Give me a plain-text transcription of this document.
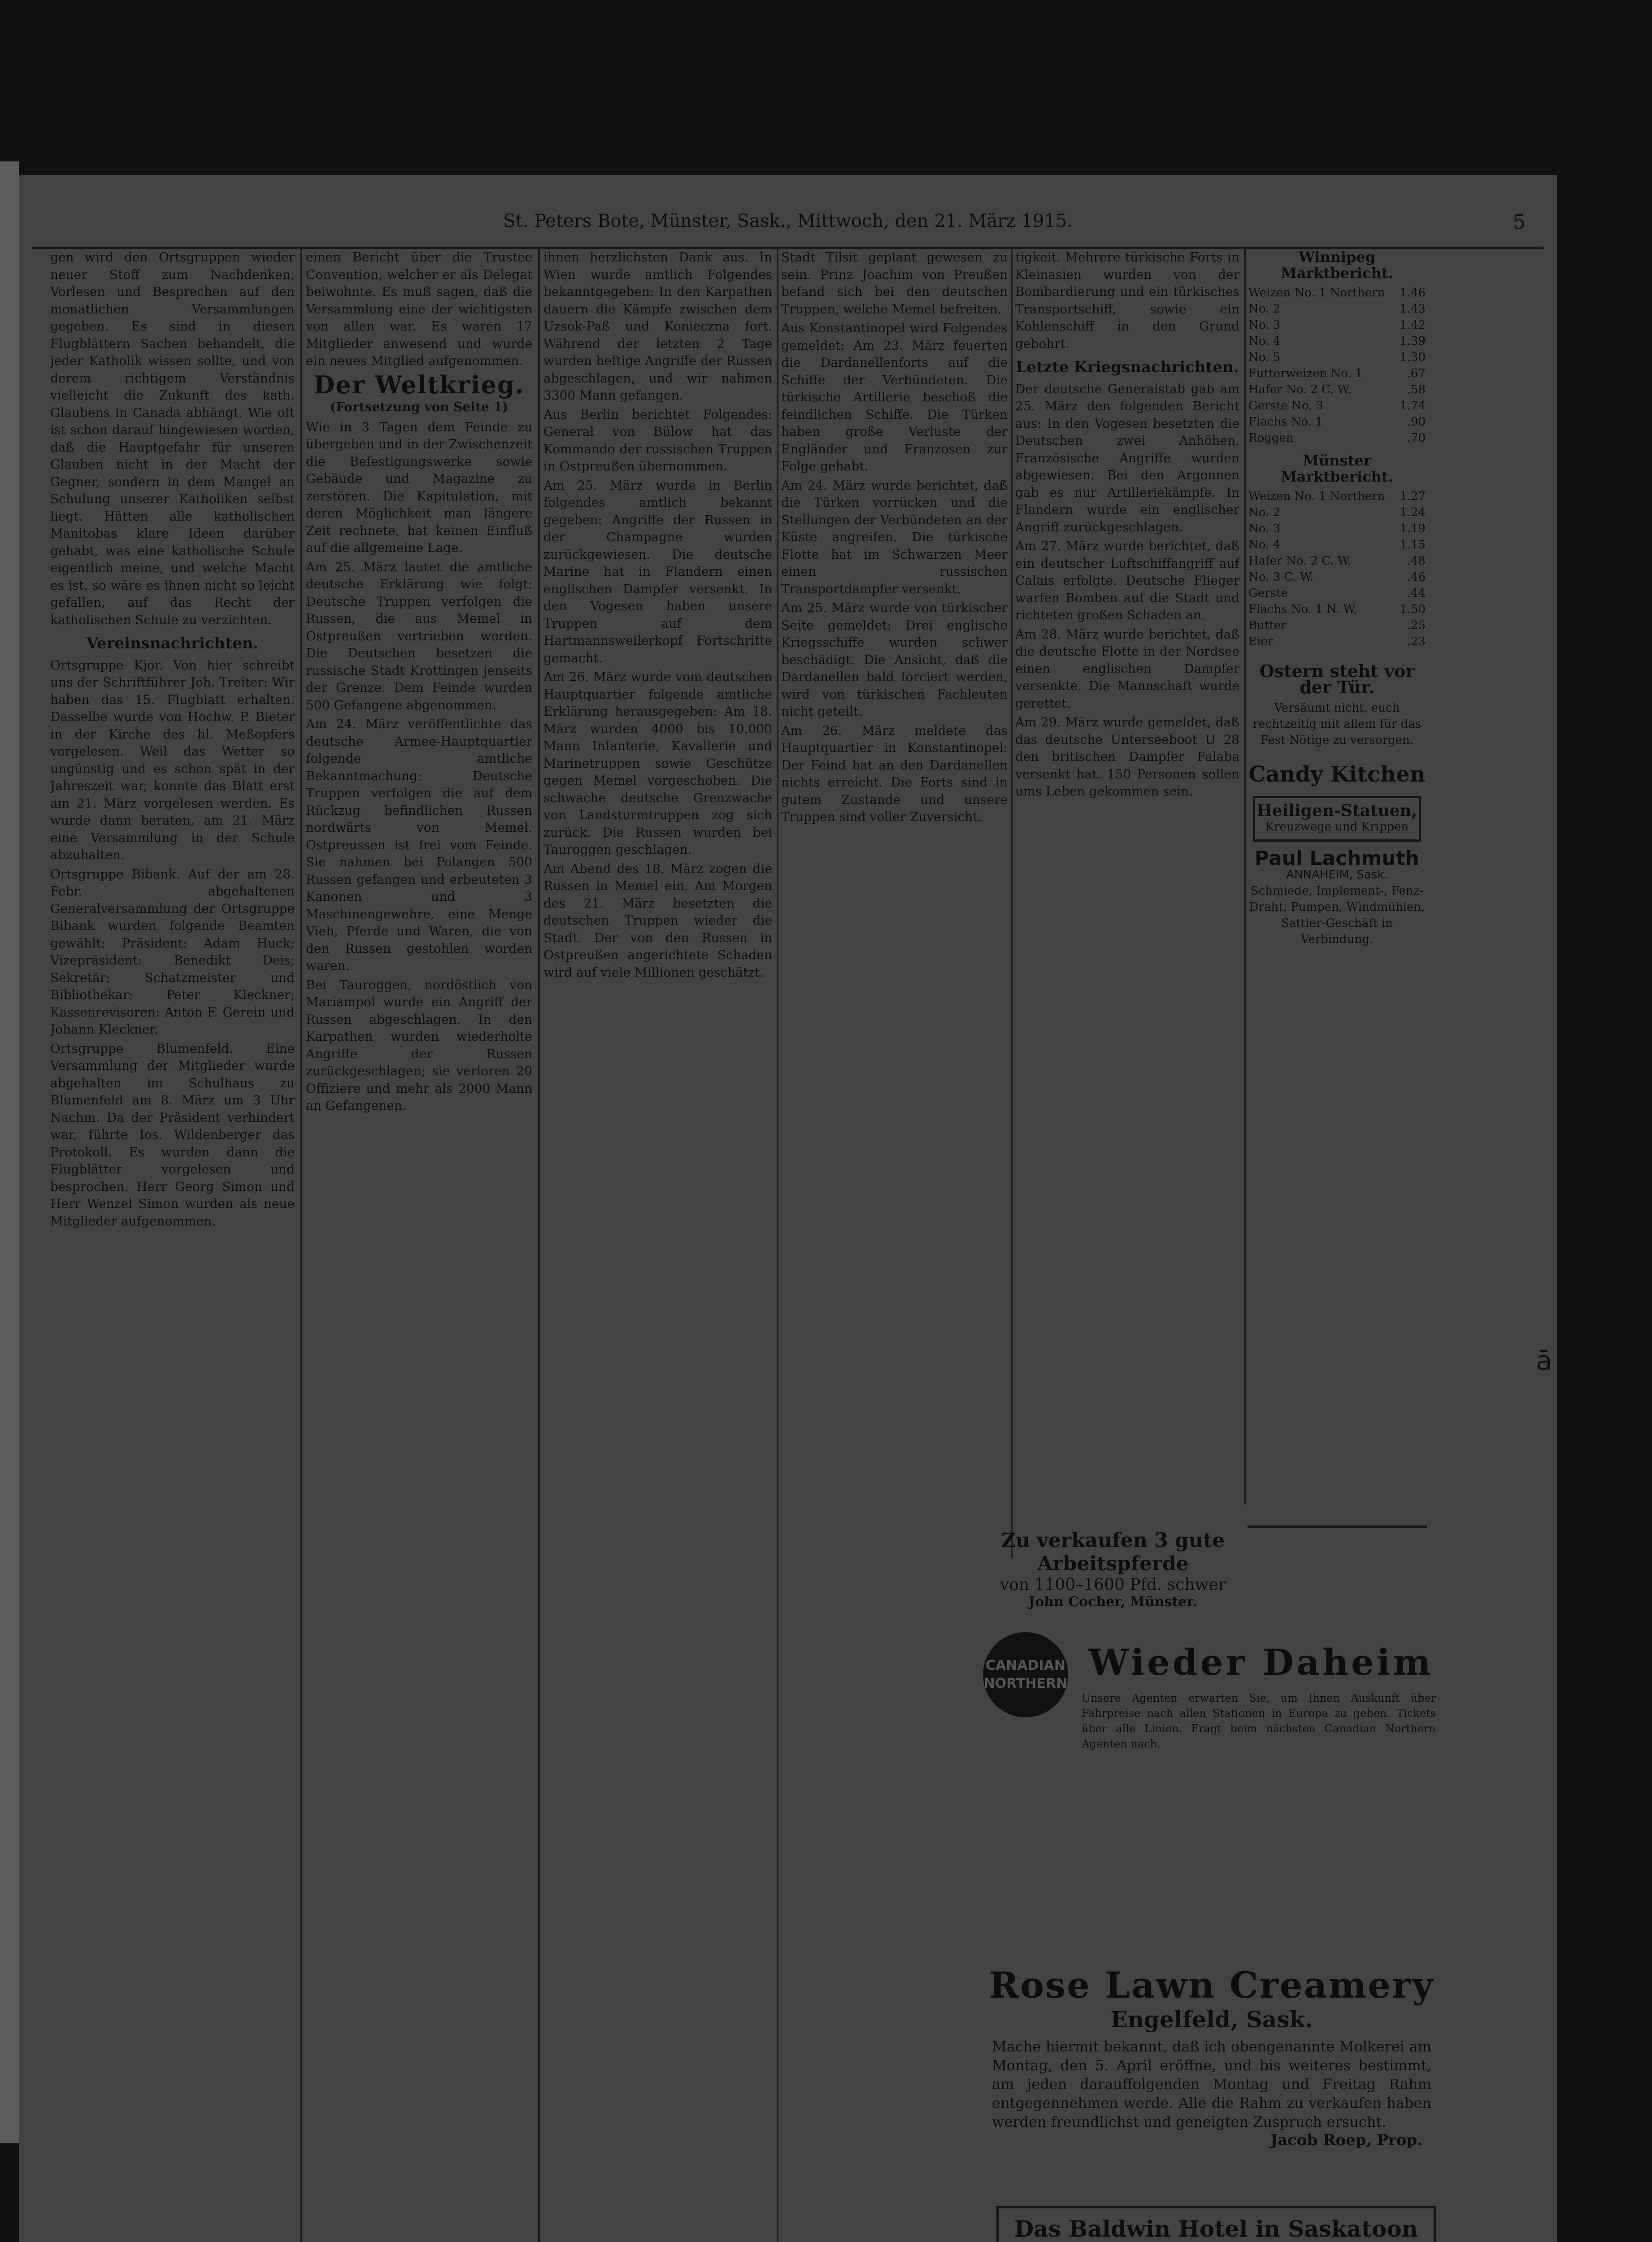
St. Peters Bote, Münster, Sask., Mittwoch, den 21. März 1915.	5

gen wird den Ortsgruppen wieder neuer Stoff zum Nachdenken, Vorlesen und Besprechen auf den monatlichen Versammlungen gegeben. Es sind in diesen Flugblättern Sachen behandelt, die jeder Katholik wissen sollte, und von derem richtigem Verständnis vielleicht die Zukunft des kath. Glaubens in Canada abhängt. Wie oft ist schon darauf hingewiesen worden, daß die Hauptgefahr für unseren Glauben nicht in der Macht der Gegner, sondern in dem Mangel an Schulung unserer Katholiken selbst liegt. Hätten alle katholischen Manitobas klare Ideen darüber gehabt, was eine katholische Schule eigentlich meine, und welche Macht es ist, so wäre es ihnen nicht so leicht gefallen, auf das Recht der katholischen Schule zu verzichten.

Vereinsnachrichten.

Ortsgruppe Kjor. Von hier schreibt uns der Schriftführer Joh. Treiter: Wir haben das 15. Flugblatt erhalten. Dasselbe wurde von Hochw. P. Bieter in der Kirche des hl. Meßopfers vorgelesen. Weil das Wetter so ungünstig und es schon spät in der Jahreszeit war, konnte das Blatt erst am 21. März vorgelesen werden. Es wurde dann beraten, am 21. März eine Versammlung in der Schule abzuhalten.

Ortsgruppe Bibank. Auf der am 28. Febr. abgehaltenen Generalversammlung der Ortsgruppe Bibank wurden folgende Beamten gewählt: Präsident: Adam Huck; Vizepräsident: Benedikt Deis; Sekretär: Schatzmeister und Bibliothekar: Peter Kleckner; Kassenrevisoren: Anton F. Gerein und Johann Kleckner.

Ortsgruppe Blumenfeld. Eine Versammlung der Mitglieder wurde abgehalten im Schulhaus zu Blumenfeld am 8. März um 3 Uhr Nachm. Da der Präsident verhindert war, führte Ios. Wildenberger das Protokoll. Es wurden dann die Flugblätter vorgelesen und besprochen. Herr Georg Simon und Herr Wenzel Simon wurden als neue Mitglieder aufgenommen.

einen Bericht über die Trustee Convention, welcher er als Delegat beiwohnte. Es muß sagen, daß die Versammlung eine der wichtigsten von allen war. Es waren 17 Mitglieder anwesend und wurde ein neues Mitglied aufgenommen.

Der Weltkrieg.
(Fortsetzung von Seite 1)

Wie in 3 Tagen dem Feinde zu übergeben und in der Zwischenzeit die Befestigungswerke sowie Gebäude und Magazine zu zerstören. Die Kapitulation, mit deren Möglichkeit man längere Zeit rechnete, hat keinen Einfluß auf die allgemeine Lage.

Am 25. März lautet die amtliche deutsche Erklärung wie folgt: Deutsche Truppen verfolgen die Russen, die aus Memel in Ostpreußen vertrieben worden. Die Deutschen besetzen die russische Stadt Krottingen jenseits der Grenze. Dem Feinde wurden 500 Gefangene abgenommen.

Am 24. März veröffentlichte das deutsche Armee-Hauptquartier folgende amtliche Bekanntmachung: Deutsche Truppen verfolgen die auf dem Rückzug befindlichen Russen nordwärts von Memel. Ostpreussen ist frei vom Feinde. Sie nahmen bei Polangen 500 Russen gefangen und erbeuteten 3 Kanonen und 3 Maschinengewehre, eine Menge Vieh, Pferde und Waren, die von den Russen gestohlen worden waren.

Bei Tauroggen, nordöstlich von Mariampol wurde ein Angriff der Russen abgeschlagen. In den Karpathen wurden wiederholte Angriffe der Russen zurückgeschlagen; sie verloren 20 Offiziere und mehr als 2000 Mann an Gefangenen.

ihnen herzlichsten Dank aus. In Wien wurde amtlich Folgendes bekanntgegeben: In den Karpathen dauern die Kämpfe zwischen dem Uzsok-Paß und Konieczna fort. Während der letzten 2 Tage wurden heftige Angriffe der Russen abgeschlagen, und wir nahmen 3300 Mann gefangen.

Aus Berlin berichtet Folgendes: General von Bülow hat das Kommando der russischen Truppen in Ostpreußen übernommen.

Am 25. März wurde in Berlin folgendes amtlich bekannt gegeben: Angriffe der Russen in der Champagne wurden zurückgewiesen. Die deutsche Marine hat in Flandern einen englischen Dampfer versenkt. In den Vogesen haben unsere Truppen auf dem Hartmannsweilerkopf Fortschritte gemacht.

Am 26. März wurde vom deutschen Hauptquartier folgende amtliche Erklärung herausgegeben: Am 18. März wurden 4000 bis 10.000 Mann Infanterie, Kavallerie und Marinetruppen sowie Geschütze gegen Memel vorgeschoben. Die schwache deutsche Grenzwache von Landsturmtruppen zog sich zurück. Die Russen wurden bei Tauroggen geschlagen.

Am Abend des 18. März zogen die Russen in Memel ein. Am Morgen des 21. März besetzten die deutschen Truppen wieder die Stadt. Der von den Russen in Ostpreußen angerichtete Schaden wird auf viele Millionen geschätzt.

Stadt Tilsit geplant gewesen zu sein. Prinz Joachim von Preußen befand sich bei den deutschen Truppen, welche Memel befreiten.

Aus Konstantinopel wird Folgendes gemeldet: Am 23. März feuerten die Dardanellenforts auf die Schiffe der Verbündeten. Die türkische Artillerie beschoß die feindlichen Schiffe. Die Türken haben große Verluste der Engländer und Franzosen zur Folge gehabt.

Am 24. März wurde berichtet, daß die Türken vorrücken und die Stellungen der Verbündeten an der Küste angreifen. Die türkische Flotte hat im Schwarzen Meer einen russischen Transportdampfer versenkt.

Am 25. März wurde von türkischer Seite gemeldet: Drei englische Kriegsschiffe wurden schwer beschädigt. Die Ansicht, daß die Dardanellen bald forciert werden, wird von türkischen Fachleuten nicht geteilt.

Am 26. März meldete das Hauptquartier in Konstantinopel: Der Feind hat an den Dardanellen nichts erreicht. Die Forts sind in gutem Zustande und unsere Truppen sind voller Zuversicht.

tigkeit. Mehrere türkische Forts in Kleinasien wurden von der Bombardierung und ein türkisches Transportschiff, sowie ein Kohlenschiff in den Grund gebohrt.

Letzte Kriegsnachrichten.

Der deutsche Generalstab gab am 25. März den folgenden Bericht aus: In den Vogesen besetzten die Deutschen zwei Anhöhen. Französische Angriffe wurden abgewiesen. Bei den Argonnen gab es nur Artilleriekämpfe. In Flandern wurde ein englischer Angriff zurückgeschlagen.

Am 27. März wurde berichtet, daß ein deutscher Luftschiffangriff auf Calais erfolgte. Deutsche Flieger warfen Bomben auf die Stadt und richteten großen Schaden an.

Am 28. März wurde berichtet, daß die deutsche Flotte in der Nordsee einen englischen Dampfer versenkte. Die Mannschaft wurde gerettet.

Am 29. März wurde gemeldet, daß das deutsche Unterseeboot U 28 den britischen Dampfer Falaba versenkt hat. 150 Personen sollen ums Leben gekommen sein.

Winnipeg Marktbericht.
Weizen No. 1 Northern 1.46
No. 2	1.43
No. 3	1.42
No. 4	1.39
No. 5	1.30
Futterweizen No. 1	.67
Hafer No. 2 C. W.	.58
Gerste No. 3	1.74
Flachs No. 1	.90
Roggen	.70
Münster Marktbericht.
Weizen No. 1 Northern 1.27
No. 2	1.24
No. 3	1.19
No. 4	1.15
Hafer No. 2 C. W.	.48
No. 3 C. W.	.46
Gerste	.44
Flachs No. 1 N. W.	1.50
Butter	.25
Eier	.23
Ostern steht vor der Tür.

Versäumt nicht, euch rechtzeitig mit allem für das Fest Nötige zu versorgen.

Candy Kitchen
Heiligen-Statuen,
Kreuzwege und Krippen
Paul Lachmuth
ANNAHEIM, Sask.

Schmiede, Implement-, Fenz-Draht, Pumpen, Windmühlen, Sattler-Geschäft in Verbindung.

Zu verkaufen 3 gute Arbeitspferde
von 1100–1600 Pfd. schwer
John Cocher, Münster.
CANADIAN
NORTHERN
Wieder Daheim

Unsere Agenten erwarten Sie, um Ihnen Auskunft über Fahrpreise nach allen Stationen in Europa zu geben. Tickets über alle Linien. Fragt beim nächsten Canadian Northern Agenten nach.

Rose Lawn Creamery
Engelfeld, Sask.

Mache hiermit bekannt, daß ich obengenannte Molkerei am Montag, den 5. April eröffne, und bis weiteres bestimmt, am jeden darauffolgenden Montag und Freitag Rahm entgegennehmen werde. Alle die Rahm zu verkaufen haben werden freundlichst und geneigten Zuspruch ersucht.

Jacob Roep, Prop.
Das Baldwin Hotel in Saskatoon
ā
